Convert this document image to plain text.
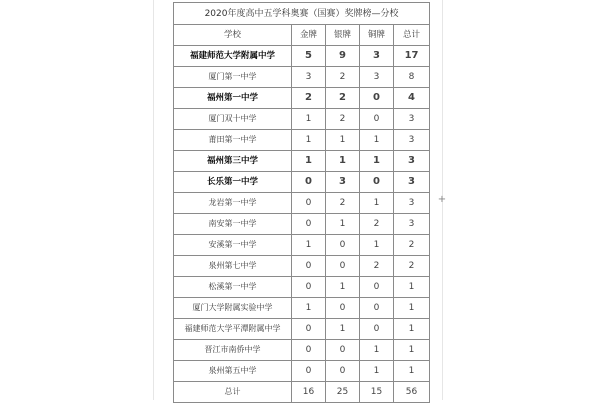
2020年度高中五学科奥赛（国赛）奖牌榜—分校				
学校	金牌	银牌	铜牌	总计
福建师范大学附属中学	5	9	3	17
厦门第一中学	3	2	3	8
福州第一中学	2	2	0	4
厦门双十中学	1	2	0	3
莆田第一中学	1	1	1	3
福州第三中学	1	1	1	3
长乐第一中学	0	3	0	3
龙岩第一中学	0	2	1	3
南安第一中学	0	1	2	3
安溪第一中学	1	0	1	2
泉州第七中学	0	0	2	2
松溪第一中学	0	1	0	1
厦门大学附属实验中学	1	0	0	1
福建师范大学平潭附属中学	0	1	0	1
晋江市南侨中学	0	0	1	1
泉州第五中学	0	0	1	1
总计	16	25	15	56
+
